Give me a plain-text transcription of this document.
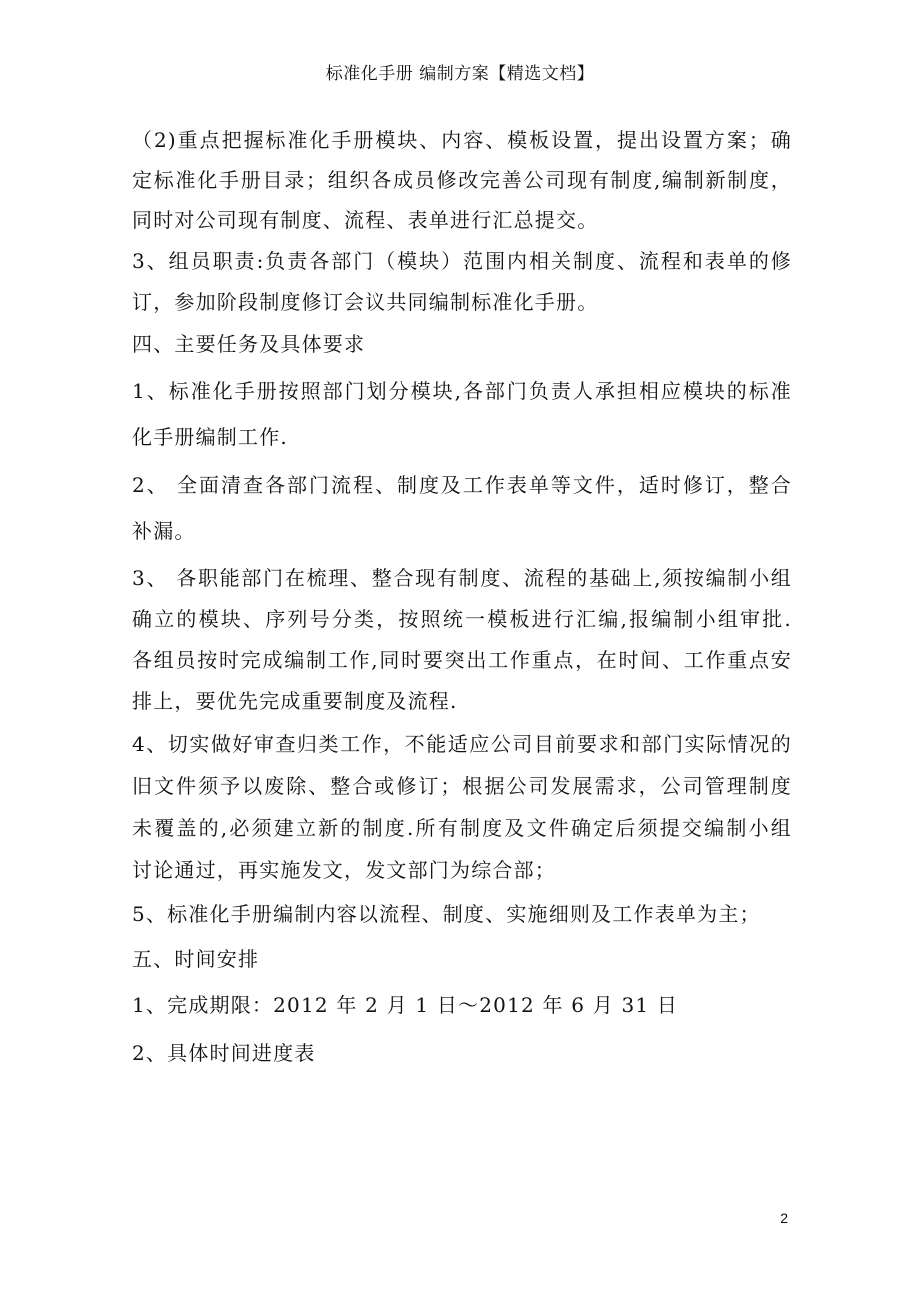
标准化手册 编制方案【精选文档】
（2)重点把握标准化手册模块、内容、模板设置，提出设置方案；确
定标准化手册目录；组织各成员修改完善公司现有制度,编制新制度，
同时对公司现有制度、流程、表单进行汇总提交。
3、组员职责:负责各部门（模块）范围内相关制度、流程和表单的修
订，参加阶段制度修订会议共同编制标准化手册。
四、主要任务及具体要求
1、标准化手册按照部门划分模块,各部门负责人承担相应模块的标准
化手册编制工作.
2、 全面清查各部门流程、制度及工作表单等文件，适时修订，整合
补漏。
3、 各职能部门在梳理、整合现有制度、流程的基础上,须按编制小组
确立的模块、序列号分类，按照统一模板进行汇编,报编制小组审批.
各组员按时完成编制工作,同时要突出工作重点，在时间、工作重点安
排上，要优先完成重要制度及流程.
4、切实做好审查归类工作，不能适应公司目前要求和部门实际情况的
旧文件须予以废除、整合或修订；根据公司发展需求，公司管理制度
未覆盖的,必须建立新的制度.所有制度及文件确定后须提交编制小组
讨论通过，再实施发文，发文部门为综合部；
5、标准化手册编制内容以流程、制度、实施细则及工作表单为主；
五、时间安排
1、完成期限：2012 年 2 月 1 日～2012 年 6 月 31 日
2、具体时间进度表
2
